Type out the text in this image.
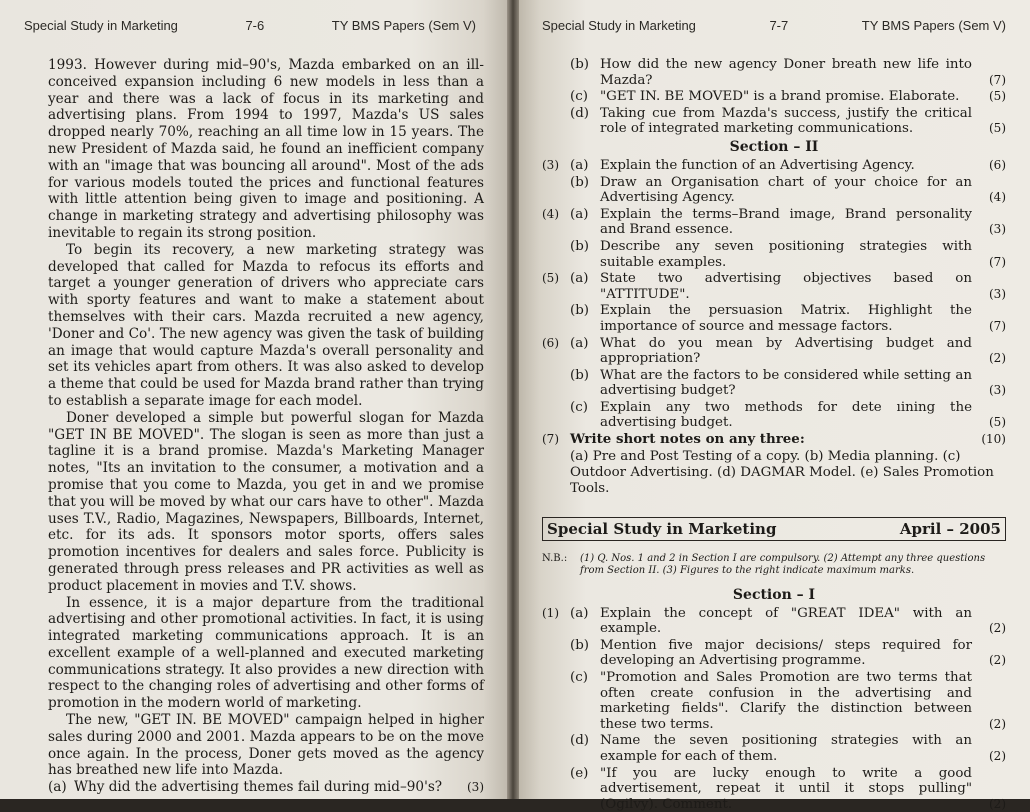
Special Study in Marketing	7-6	TY BMS Papers (Sem V)

1993. However during mid–90's, Mazda embarked on an ill-conceived expansion including 6 new models in less than a year and there was a lack of focus in its marketing and advertising plans. From 1994 to 1997, Mazda's US sales dropped nearly 70%, reaching an all time low in 15 years. The new President of Mazda said, he found an inefficient company with an "image that was bouncing all around". Most of the ads for various models touted the prices and functional features with little attention being given to image and positioning. A change in marketing strategy and advertising philosophy was inevitable to regain its strong position.

To begin its recovery, a new marketing strategy was developed that called for Mazda to refocus its efforts and target a younger generation of drivers who appreciate cars with sporty features and want to make a statement about themselves with their cars. Mazda recruited a new agency, 'Doner and Co'. The new agency was given the task of building an image that would capture Mazda's overall personality and set its vehicles apart from others. It was also asked to develop a theme that could be used for Mazda brand rather than trying to establish a separate image for each model.

Doner developed a simple but powerful slogan for Mazda "GET IN BE MOVED". The slogan is seen as more than just a tagline it is a brand promise. Mazda's Marketing Manager notes, "Its an invitation to the consumer, a motivation and a promise that you come to Mazda, you get in and we promise that you will be moved by what our cars have to other". Mazda uses T.V., Radio, Magazines, Newspapers, Billboards, Internet, etc. for its ads. It sponsors motor sports, offers sales promotion incentives for dealers and sales force. Publicity is generated through press releases and PR activities as well as product placement in movies and T.V. shows.

In essence, it is a major departure from the traditional advertising and other promotional activities. In fact, it is using integrated marketing communications approach. It is an excellent example of a well-planned and executed marketing communications strategy. It also provides a new direction with respect to the changing roles of advertising and other forms of promotion in the modern world of marketing.

The new, "GET IN. BE MOVED" campaign helped in higher sales during 2000 and 2001. Mazda appears to be on the move once again. In the process, Doner gets moved as the agency has breathed new life into Mazda.

(a) Why did the advertising themes fail during mid–90's?	(3)
Special Study in Marketing	7-7	TY BMS Papers (Sem V)
(b) How did the new agency Doner breath new life into Mazda?	(7)
(c) "GET IN. BE MOVED" is a brand promise. Elaborate.	(5)
(d) Taking cue from Mazda's success, justify the critical role of integrated marketing communications.	(5)
Section – II
(3) (a) Explain the function of an Advertising Agency.	(6)
(b) Draw an Organisation chart of your choice for an Advertising Agency.	(4)
(4) (a) Explain the terms–Brand image, Brand personality and Brand essence.	(3)
(b) Describe any seven positioning strategies with suitable examples.	(7)
(5) (a) State two advertising objectives based on "ATTITUDE".	(3)
(b) Explain the persuasion Matrix. Highlight the importance of source and message factors.	(7)
(6) (a) What do you mean by Advertising budget and appropriation?	(2)
(b) What are the factors to be considered while setting an advertising budget?	(3)
(c) Explain any two methods for dete ıining the advertising budget.	(5)
(7) Write short notes on any three:	(10)
(a) Pre and Post Testing of a copy. (b) Media planning. (c) Outdoor Advertising. (d) DAGMAR Model. (e) Sales Promotion Tools.
Special Study in Marketing	April – 2005
N.B.:	(1) Q. Nos. 1 and 2 in Section I are compulsory. (2) Attempt any three questions from Section II. (3) Figures to the right indicate maximum marks.
Section – I
(1) (a) Explain the concept of "GREAT IDEA" with an example.	(2)
(b) Mention five major decisions/ steps required for developing an Advertising programme.	(2)
(c) "Promotion and Sales Promotion are two terms that often create confusion in the advertising and marketing fields". Clarify the distinction between these two terms.	(2)
(d) Name the seven positioning strategies with an example for each of them.	(2)
(e) "If you are lucky enough to write a good advertisement, repeat it until it stops pulling" (Ogilvy). Comment.	(2)
